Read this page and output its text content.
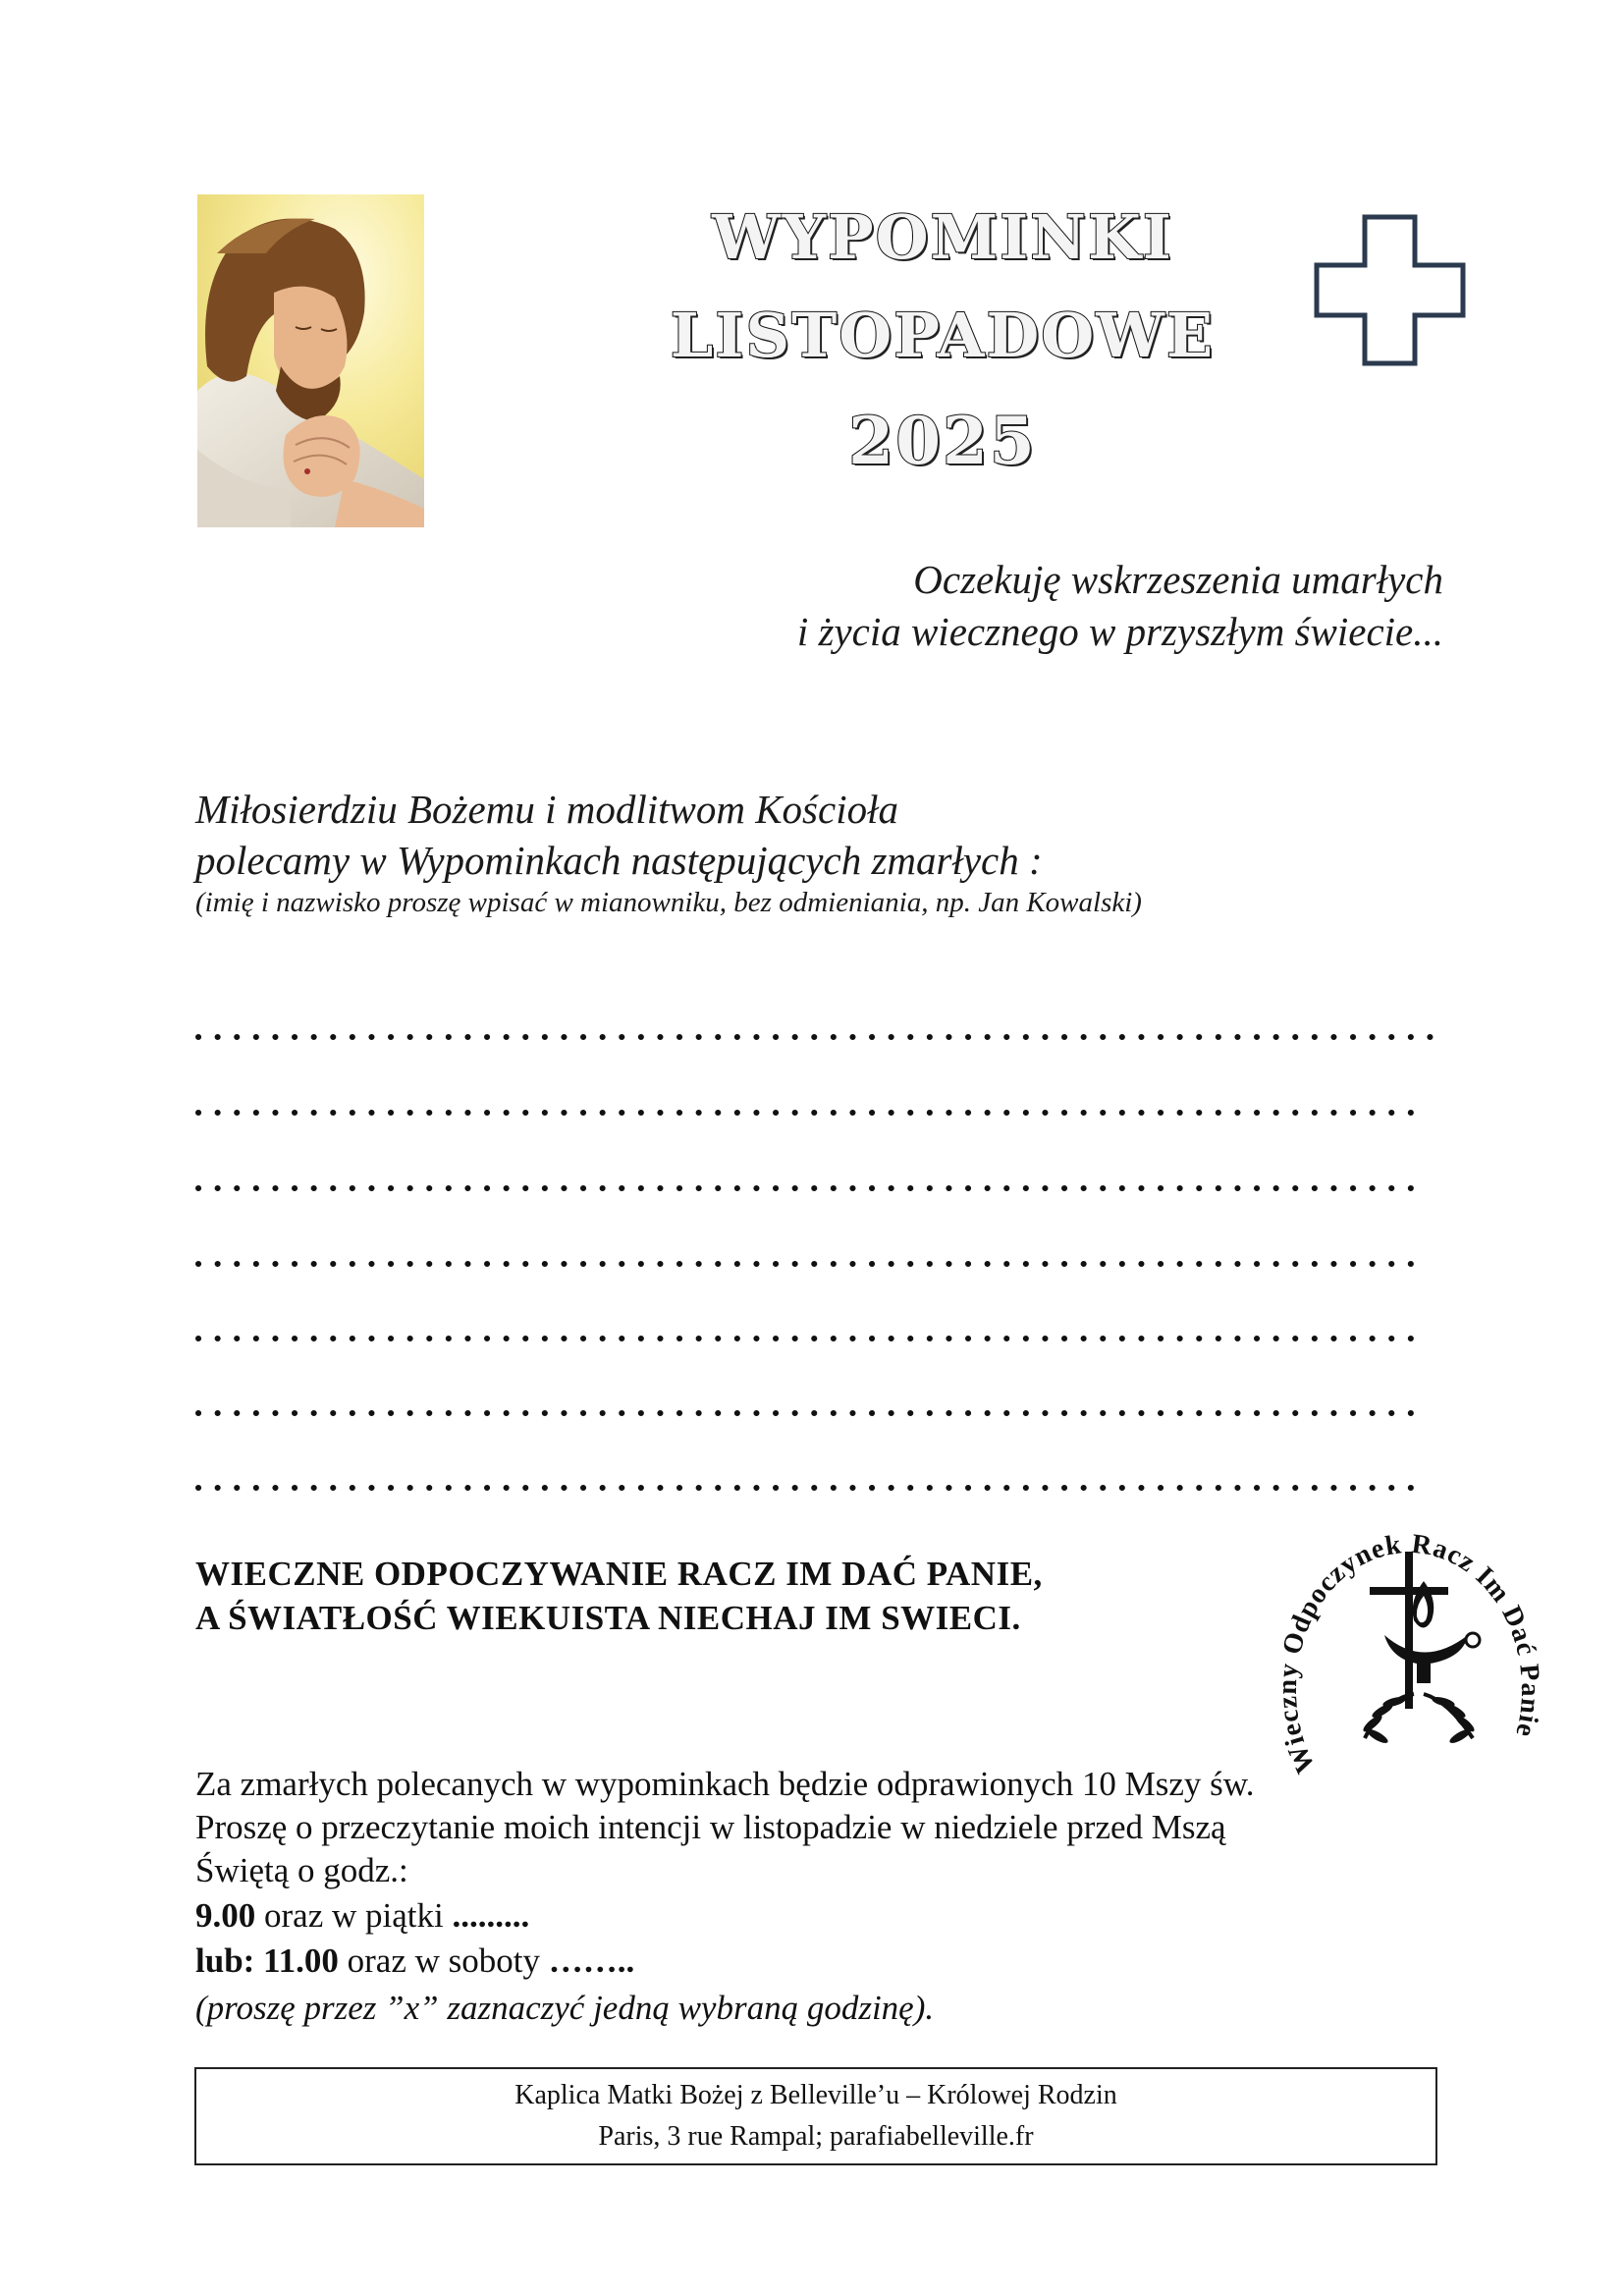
WYPOMINKI
LISTOPADOWE
2025
Oczekuję wskrzeszenia umarłych
i życia wiecznego w przyszłym świecie...
Miłosierdziu Bożemu i modlitwom Kościoła
polecamy w Wypominkach następujących zmarłych :
(imię i nazwisko proszę wpisać w mianowniku, bez odmieniania, np. Jan Kowalski)
WIECZNE ODPOCZYWANIE RACZ IM DAĆ PANIE,
A ŚWIATŁOŚĆ WIEKUISTA NIECHAJ IM SWIECI.
Wiec Odpoczynek Racz Im Dać ie
Za zmarłych polecanych w wypominkach będzie odprawionych 10 Mszy św.
Proszę o przeczytanie moich intencji w listopadzie w niedziele przed Mszą
Świętą o godz.:
9.00 oraz w piątki .........
lub: 11.00 oraz w soboty ……..
(proszę przez ”x” zaznaczyć jedną wybraną godzinę).
Kaplica Matki Bożej z Belleville’u – Królowej Rodzin
Paris, 3 rue Rampal; parafiabelleville.fr
